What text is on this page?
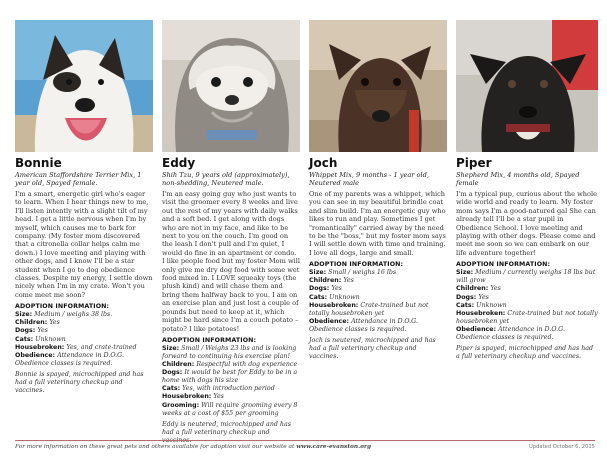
Bonnie
American Staffordshire Terrier Mix, 1 year old, Spayed female.
I'm a smart, energetic girl who's eager to learn. When I hear things new to me, I'll listen intently with a slight tilt of my head. I get a little nervous when I'm by myself, which causes me to bark for company. (My foster mom discovered that a citronella collar helps calm me down.) I love meeting and playing with other dogs, and I know I'll be a star student when I go to dog obedience classes. Despite my energy, I settle down nicely when I'm in my crate. Won't you come meet me soon?
ADOPTION INFORMATION:
Size: Medium / weighs 38 lbs.
Children: Yes
Dogs: Yes
Cats: Unknown
Housebroken: Yes, and crate-trained
Obedience: Attendance in D.O.G. Obedience classes is required.
Bonnie is spayed, microchipped and has had a full veterinary checkup and vaccines.
Eddy
Shih Tzu, 9 years old (approximately), non-shedding, Neutered male.
I'm an easy going guy who just wants to visit the groomer every 8 weeks and live out the rest of my years with daily walks and a soft bed. I get along with dogs who are not in my face, and like to be next to you on the couch. I'm good on the leash I don't pull and I'm quiet, I would do fine in an apartment or condo. I like people food but my foster Mom will only give me dry dog food with some wet food mixed in. I LOVE squeaky toys (the plush kind) and will chase them and bring them halfway back to you. I am on an exercise plan and just lost a couple of pounds but need to keep at it, which might be hard since I'm a couch potato – potato? I like potatoes!
ADOPTION INFORMATION:
Size: Small / Weighs 23 lbs and is looking forward to continuing his exercise plan!
Children: Respectful with dog experience
Dogs: It would be best for Eddy to be in a home with dogs his size
Cats: Yes, with introduction period
Housebroken: Yes
Grooming: Will require grooming every 8 weeks at a cost of $55 per grooming
Eddy is neutered, microchipped and has had a full veterinary checkup and
Joch
Whippet Mix, 9 months - 1 year old, Neutered male
One of my parents was a whippet, which you can see in my beautiful brindle coat and slim build. I'm an energetic guy who likes to run and play. Sometimes I get "romantically" carried away by the need to be the "boss," but my foster mom says I will settle down with time and training. I love all dogs, large and small.
ADOPTION INFORMATION:
Size: Small / weighs 16 lbs
Children: Yes
Dogs: Yes
Cats: Unknown
Housebroken: Crate-trained but not totally housebroken yet
Obedience: Attendance in D.O.G. Obedience classes is required.
Joch is neutered, microchipped and has had a full veterinary checkup and vaccines.
Piper
Shepherd Mix, 4 months old, Spayed female
I'm a typical pup, curious about the whole wide world and ready to learn. My foster mom says I'm a good-natured gal She can already tell I'll be a star pupil in Obedience School. I love meeting and playing with other dogs. Please come and meet me soon so we can embark on our life adventure together!
ADOPTION INFORMATION:
Size: Medium / currently weighs 18 lbs but will grow
Children: Yes
Dogs: Yes
Cats: Unknown
Housebroken: Crate-trained but not totally housebroken yet
Obedience: Attendance in D.O.G. Obedience classes is required.
Piper is spayed, microchipped and has had a full veterinary checkup and vaccines.
For more information on these great pets and others available for adoption visit our website at www.care-evanston.org	Updated October 6, 2015
